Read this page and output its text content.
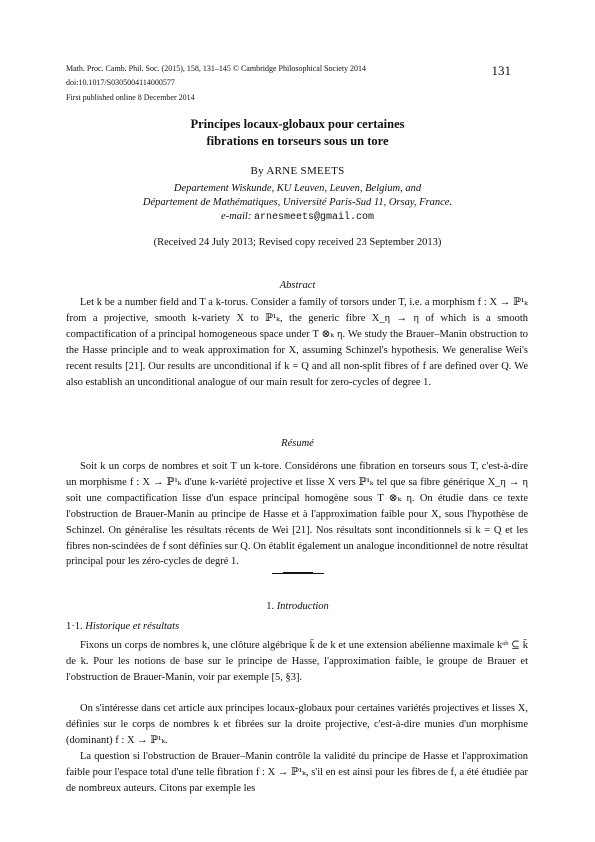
Math. Proc. Camb. Phil. Soc. (2015), 158, 131–145 © Cambridge Philosophical Society 2014
doi:10.1017/S0305004114000577
First published online 8 December 2014
131
Principes locaux-globaux pour certaines
fibrations en torseurs sous un tore
By ARNE SMEETS
Departement Wiskunde, KU Leuven, Leuven, Belgium, and
Département de Mathématiques, Université Paris-Sud 11, Orsay, France.
e-mail: arnesmeets@gmail.com
(Received 24 July 2013; Revised copy received 23 September 2013)
Abstract

Let k be a number field and T a k-torus. Consider a family of torsors under T, i.e. a morphism f : X → ℙ¹ₖ from a projective, smooth k-variety X to ℙ¹ₖ, the generic fibre X_η → η of which is a smooth compactification of a principal homogeneous space under T ⊗ₖ η. We study the Brauer–Manin obstruction to the Hasse principle and to weak approximation for X, assuming Schinzel's hypothesis. We generalise Wei's recent results [21]. Our results are unconditional if k = Q and all non-split fibres of f are defined over Q. We also establish an unconditional analogue of our main result for zero-cycles of degree 1.

Résumé

Soit k un corps de nombres et soit T un k-tore. Considérons une fibration en torseurs sous T, c'est-à-dire un morphisme f : X → ℙ¹ₖ d'une k-variété projective et lisse X vers ℙ¹ₖ tel que sa fibre générique X_η → η soit une compactification lisse d'un espace principal homogène sous T ⊗ₖ η. On étudie dans ce texte l'obstruction de Brauer-Manin au principe de Hasse et à l'approximation faible pour X, sous l'hypothèse de Schinzel. On généralise les résultats récents de Wei [21]. Nos résultats sont inconditionnels si k = Q et les fibres non-scindées de f sont définies sur Q. On établit également un analogue inconditionnel de notre résultat principal pour les zéro-cycles de degré 1.

1. Introduction
1·1. Historique et résultats

Fixons un corps de nombres k, une clôture algébrique k̄ de k et une extension abélienne maximale kᵃᵇ ⊆ k̄ de k. Pour les notions de base sur le principe de Hasse, l'approximation faible, le groupe de Brauer et l'obstruction de Brauer-Manin, voir par exemple [5, §3].

On s'intéresse dans cet article aux principes locaux-globaux pour certaines variétés projectives et lisses X, définies sur le corps de nombres k et fibrées sur la droite projective, c'est-à-dire munies d'un morphisme (dominant) f : X → ℙ¹ₖ.

La question si l'obstruction de Brauer–Manin contrôle la validité du principe de Hasse et l'approximation faible pour l'espace total d'une telle fibration f : X → ℙ¹ₖ, s'il en est ainsi pour les fibres de f, a été étudiée par de nombreux auteurs. Citons par exemple les
